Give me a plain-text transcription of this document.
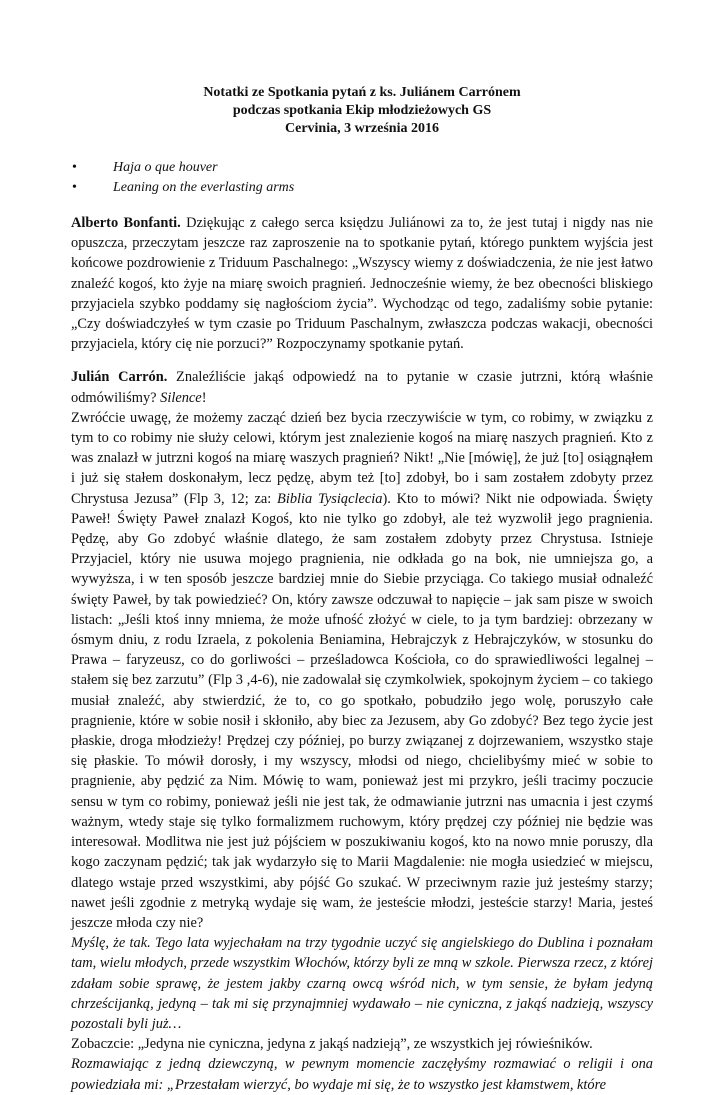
Notatki ze Spotkania pytań z ks. Juliánem Carrónem
podczas spotkania Ekip młodzieżowych GS
Cervinia, 3 września 2016
• Haja o que houver
• Leaning on the everlasting arms

Alberto Bonfanti. Dziękując z całego serca księdzu Juliánowi za to, że jest tutaj i nigdy nas nie opuszcza, przeczytam jeszcze raz zaproszenie na to spotkanie pytań, którego punktem wyjścia jest końcowe pozdrowienie z Triduum Paschalnego: „Wszyscy wiemy z doświadczenia, że nie jest łatwo znaleźć kogoś, kto żyje na miarę swoich pragnień. Jednocześnie wiemy, że bez obecności bliskiego przyjaciela szybko poddamy się nagłościom życia”. Wychodząc od tego, zadaliśmy sobie pytanie: „Czy doświadczyłeś w tym czasie po Triduum Paschalnym, zwłaszcza podczas wakacji, obecności przyjaciela, który cię nie porzuci?” Rozpoczynamy spotkanie pytań.

Julián Carrón. Znaleźliście jakąś odpowiedź na to pytanie w czasie jutrzni, którą właśnie odmówiliśmy? Silence!

Zwróćcie uwagę, że możemy zacząć dzień bez bycia rzeczywiście w tym, co robimy, w związku z tym to co robimy nie służy celowi, którym jest znalezienie kogoś na miarę naszych pragnień. Kto z was znalazł w jutrzni kogoś na miarę waszych pragnień? Nikt! „Nie [mówię], że już [to] osiągnąłem i już się stałem doskonałym, lecz pędzę, abym też [to] zdobył, bo i sam zostałem zdobyty przez Chrystusa Jezusa” (Flp 3, 12; za: Biblia Tysiąclecia). Kto to mówi? Nikt nie odpowiada. Święty Paweł! Święty Paweł znalazł Kogoś, kto nie tylko go zdobył, ale też wyzwolił jego pragnienia. Pędzę, aby Go zdobyć właśnie dlatego, że sam zostałem zdobyty przez Chrystusa. Istnieje Przyjaciel, który nie usuwa mojego pragnienia, nie odkłada go na bok, nie umniejsza go, a wywyższa, i w ten sposób jeszcze bardziej mnie do Siebie przyciąga. Co takiego musiał odnaleźć święty Paweł, by tak powiedzieć? On, który zawsze odczuwał to napięcie – jak sam pisze w swoich listach: „Jeśli ktoś inny mniema, że może ufność złożyć w ciele, to ja tym bardziej: obrzezany w ósmym dniu, z rodu Izraela, z pokolenia Beniamina, Hebrajczyk z Hebrajczyków, w stosunku do Prawa – faryzeusz, co do gorliwości – prześladowca Kościoła, co do sprawiedliwości legalnej – stałem się bez zarzutu” (Flp 3 ,4-6), nie zadowalał się czymkolwiek, spokojnym życiem – co takiego musiał znaleźć, aby stwierdzić, że to, co go spotkało, pobudziło jego wolę, poruszyło całe pragnienie, które w sobie nosił i skłoniło, aby biec za Jezusem, aby Go zdobyć? Bez tego życie jest płaskie, droga młodzieży! Prędzej czy później, po burzy związanej z dojrzewaniem, wszystko staje się płaskie. To mówił dorosły, i my wszyscy, młodsi od niego, chcielibyśmy mieć w sobie to pragnienie, aby pędzić za Nim. Mówię to wam, ponieważ jest mi przykro, jeśli tracimy poczucie sensu w tym co robimy, ponieważ jeśli nie jest tak, że odmawianie jutrzni nas umacnia i jest czymś ważnym, wtedy staje się tylko formalizmem ruchowym, który prędzej czy później nie będzie was interesował. Modlitwa nie jest już pójściem w poszukiwaniu kogoś, kto na nowo mnie poruszy, dla kogo zaczynam pędzić; tak jak wydarzyło się to Marii Magdalenie: nie mogła usiedzieć w miejscu, dlatego wstaje przed wszystkimi, aby pójść Go szukać. W przeciwnym razie już jesteśmy starzy; nawet jeśli zgodnie z metryką wydaje się wam, że jesteście młodzi, jesteście starzy! Maria, jesteś jeszcze młoda czy nie?

Myślę, że tak. Tego lata wyjechałam na trzy tygodnie uczyć się angielskiego do Dublina i poznałam tam, wielu młodych, przede wszystkim Włochów, którzy byli ze mną w szkole. Pierwsza rzecz, z której zdałam sobie sprawę, że jestem jakby czarną owcą wśród nich, w tym sensie, że byłam jedyną chrześcijanką, jedyną – tak mi się przynajmniej wydawało – nie cyniczna, z jakąś nadzieją, wszyscy pozostali byli już…

Zobaczcie: „Jedyna nie cyniczna, jedyna z jakąś nadzieją”, ze wszystkich jej rówieśników.

Rozmawiając z jedną dziewczyną, w pewnym momencie zaczęłyśmy rozmawiać o religii i ona powiedziała mi: „Przestałam wierzyć, bo wydaje mi się, że to wszystko jest kłamstwem, które
